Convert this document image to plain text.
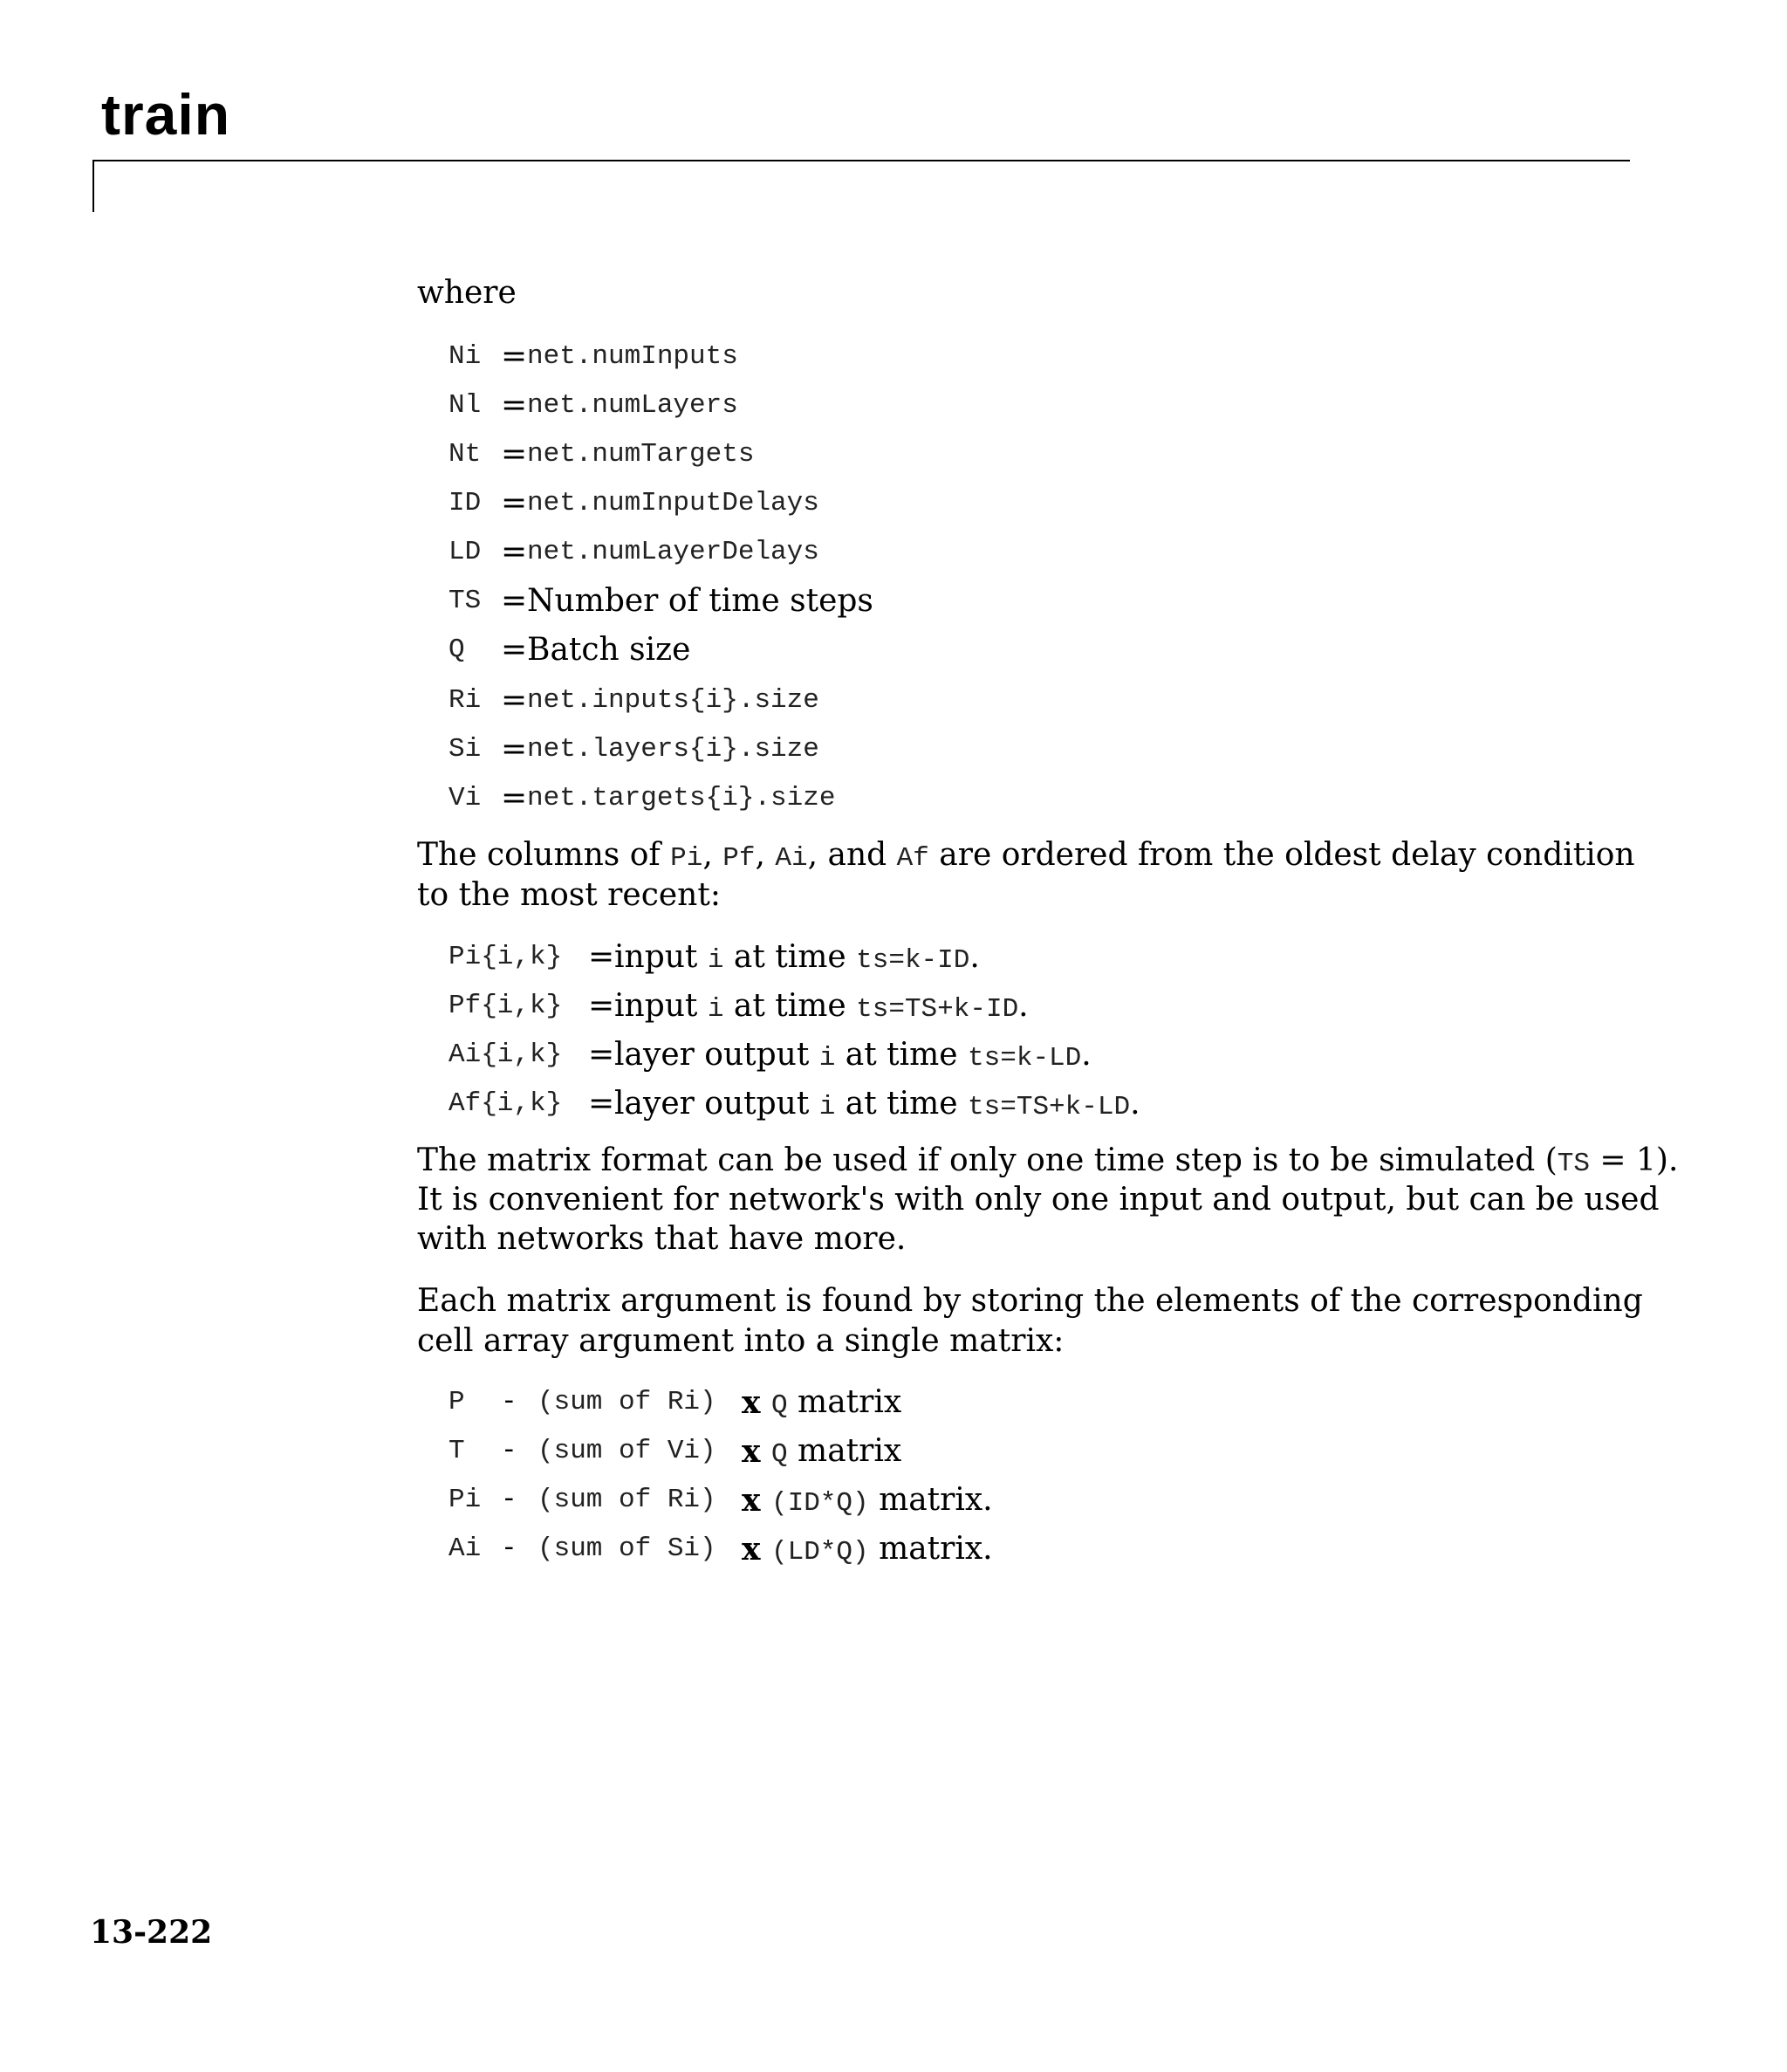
train
where
Ni = net.numInputs
Nl = net.numLayers
Nt = net.numTargets
ID = net.numInputDelays
LD = net.numLayerDelays
TS = Number of time steps
Q = Batch size
Ri = net.inputs{i}.size
Si = net.layers{i}.size
Vi = net.targets{i}.size
The columns of Pi, Pf, Ai, and Af are ordered from the oldest delay condition
to the most recent:
Pi{i,k} = input i at time ts=k-ID.
Pf{i,k} = input i at time ts=TS+k-ID.
Ai{i,k} = layer output i at time ts=k-LD.
Af{i,k} = layer output i at time ts=TS+k-LD.
The matrix format can be used if only one time step is to be simulated (TS = 1).
It is convenient for network's with only one input and output, but can be used
with networks that have more.
Each matrix argument is found by storing the elements of the corresponding
cell array argument into a single matrix:
P - (sum of Ri) x Q matrix
T - (sum of Vi) x Q matrix
Pi - (sum of Ri) x (ID*Q) matrix.
Ai - (sum of Si) x (LD*Q) matrix.
13-222
